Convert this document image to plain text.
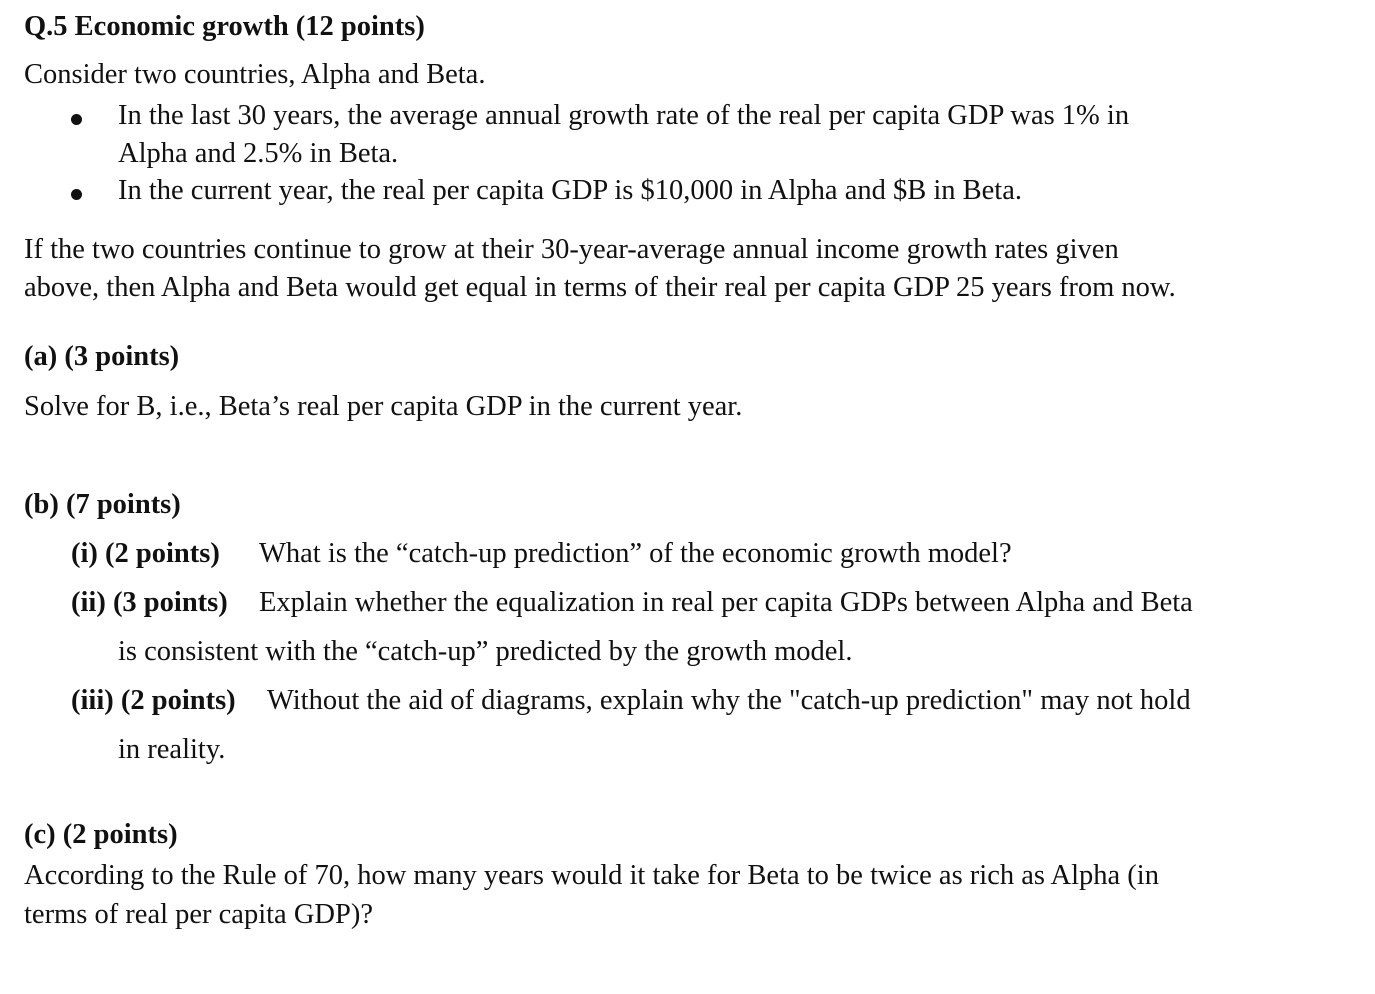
Q.5 Economic growth (12 points)
Consider two countries, Alpha and Beta.
In the last 30 years, the average annual growth rate of the real per capita GDP was 1% in
Alpha and 2.5% in Beta.
In the current year, the real per capita GDP is $10,000 in Alpha and $B in Beta.
If the two countries continue to grow at their 30-year-average annual income growth rates given
above, then Alpha and Beta would get equal in terms of their real per capita GDP 25 years from now.
(a) (3 points)
Solve for B, i.e., Beta’s real per capita GDP in the current year.
(b) (7 points)
(i) (2 points) What is the “catch-up prediction” of the economic growth model?
(ii) (3 points) Explain whether the equalization in real per capita GDPs between Alpha and Beta
is consistent with the “catch-up” predicted by the growth model.
(iii) (2 points) Without the aid of diagrams, explain why the "catch-up prediction" may not hold
in reality.
(c) (2 points)
According to the Rule of 70, how many years would it take for Beta to be twice as rich as Alpha (in
terms of real per capita GDP)?
